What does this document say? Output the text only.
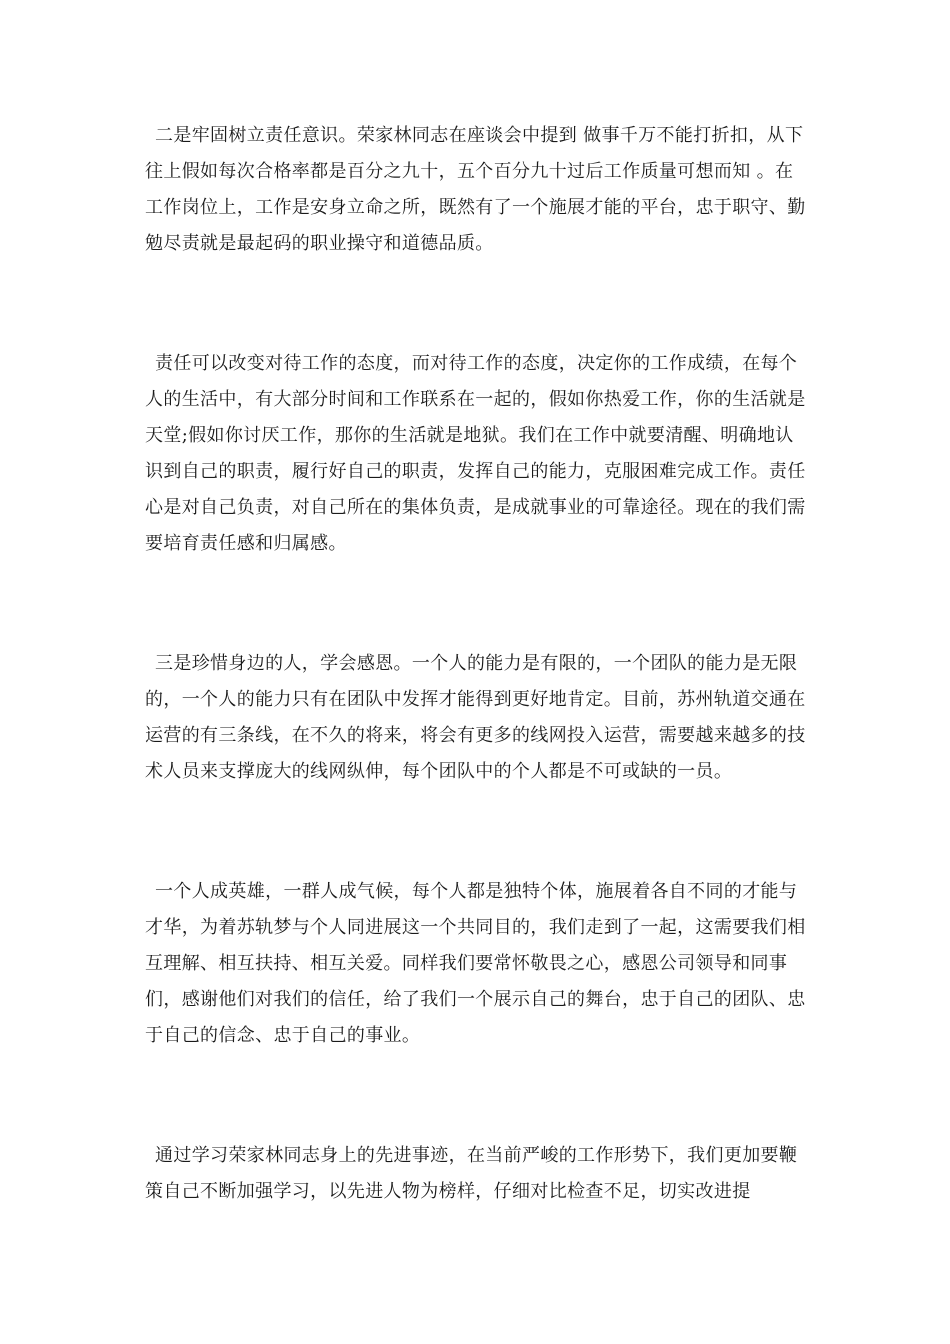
二是牢固树立责任意识。荣家林同志在座谈会中提到 做事千万不能打折扣，从下往上假如每次合格率都是百分之九十，五个百分九十过后工作质量可想而知 。在工作岗位上，工作是安身立命之所，既然有了一个施展才能的平台，忠于职守、勤勉尽责就是最起码的职业操守和道德品质。

责任可以改变对待工作的态度，而对待工作的态度，决定你的工作成绩，在每个人的生活中，有大部分时间和工作联系在一起的，假如你热爱工作，你的生活就是天堂;假如你讨厌工作，那你的生活就是地狱。我们在工作中就要清醒、明确地认识到自己的职责，履行好自己的职责，发挥自己的能力，克服困难完成工作。责任心是对自己负责，对自己所在的集体负责，是成就事业的可靠途径。现在的我们需要培育责任感和归属感。

三是珍惜身边的人，学会感恩。一个人的能力是有限的，一个团队的能力是无限的，一个人的能力只有在团队中发挥才能得到更好地肯定。目前，苏州轨道交通在运营的有三条线，在不久的将来，将会有更多的线网投入运营，需要越来越多的技术人员来支撑庞大的线网纵伸，每个团队中的个人都是不可或缺的一员。

一个人成英雄，一群人成气候，每个人都是独特个体，施展着各自不同的才能与才华，为着苏轨梦与个人同进展这一个共同目的，我们走到了一起，这需要我们相互理解、相互扶持、相互关爱。同样我们要常怀敬畏之心，感恩公司领导和同事们，感谢他们对我们的信任，给了我们一个展示自己的舞台，忠于自己的团队、忠于自己的信念、忠于自己的事业。

通过学习荣家林同志身上的先进事迹，在当前严峻的工作形势下，我们更加要鞭策自己不断加强学习，以先进人物为榜样，仔细对比检查不足，切实改进提
